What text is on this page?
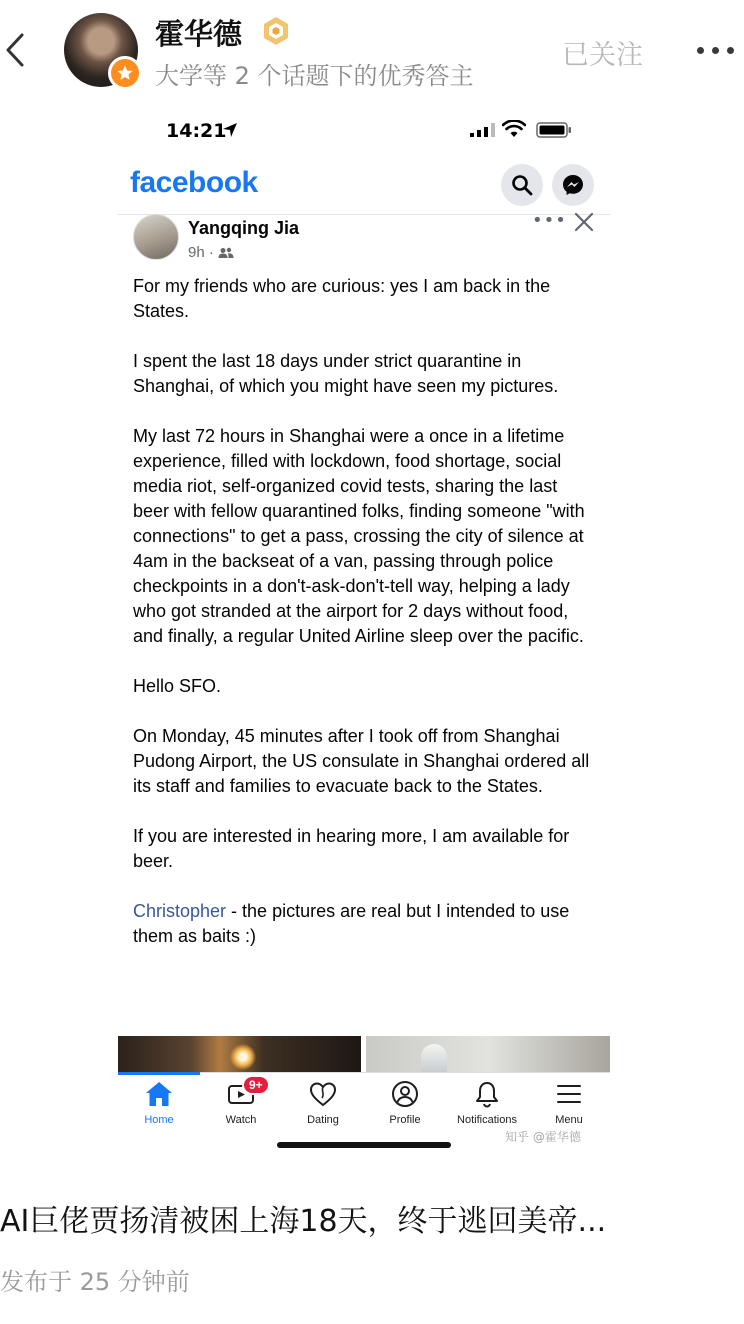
霍华德
大学等 2 个话题下的优秀答主
已关注
14:21
facebook
Yangqing Jia
9h ·
•••

For my friends who are curious: yes I am back in the States.

I spent the last 18 days under strict quarantine in Shanghai, of which you might have seen my pictures.

My last 72 hours in Shanghai were a once in a lifetime experience, filled with lockdown, food shortage, social media riot, self-organized covid tests, sharing the last beer with fellow quarantined folks, finding someone "with connections" to get a pass, crossing the city of silence at 4am in the backseat of a van, passing through police checkpoints in a don't-ask-don't-tell way, helping a lady who got stranded at the airport for 2 days without food, and finally, a regular United Airline sleep over the pacific.

Hello SFO.

On Monday, 45 minutes after I took off from Shanghai Pudong Airport, the US consulate in Shanghai ordered all its staff and families to evacuate back to the States.

If you are interested in hearing more, I am available for beer.

Christopher - the pictures are real but I intended to use them as baits :)

Home
9+
Watch	Dating	Profile	Notifications	Menu
知乎 @霍华德
AI巨佬贾扬清被困上海18天，终于逃回美帝...
发布于 25 分钟前
